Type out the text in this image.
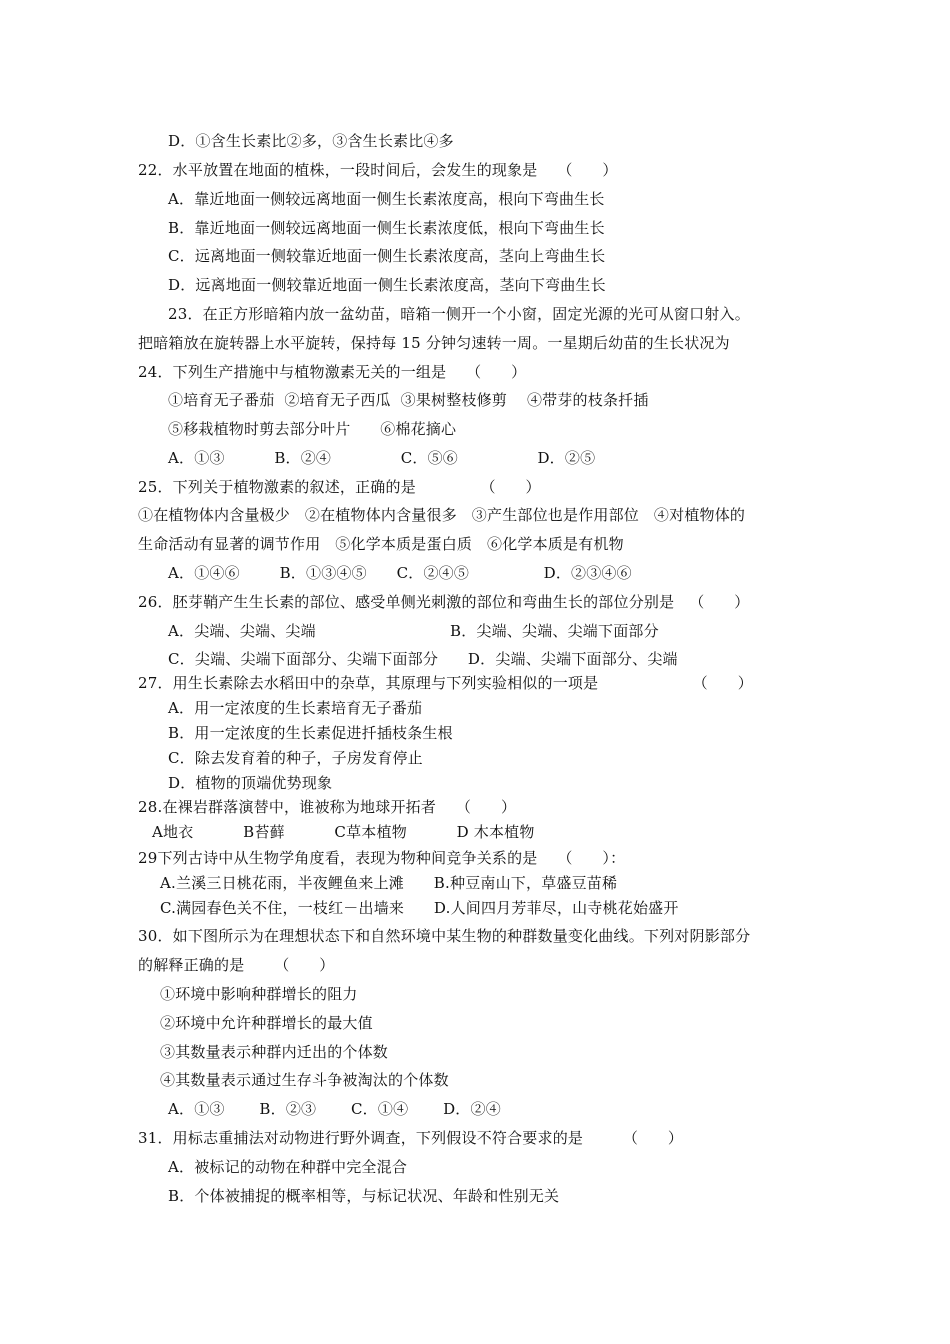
D．①含生长素比②多，③含生长素比④多
22．水平放置在地面的植株，一段时间后，会发生的现象是    （      ）
A．靠近地面一侧较远离地面一侧生长素浓度高，根向下弯曲生长
B．靠近地面一侧较远离地面一侧生长素浓度低，根向下弯曲生长
C．远离地面一侧较靠近地面一侧生长素浓度高，茎向上弯曲生长
D．远离地面一侧较靠近地面一侧生长素浓度高，茎向下弯曲生长
23．在正方形暗箱内放一盆幼苗，暗箱一侧开一个小窗，固定光源的光可从窗口射入。
把暗箱放在旋转器上水平旋转，保持每 15 分钟匀速转一周。一星期后幼苗的生长状况为
24．下列生产措施中与植物激素无关的一组是    （      ）
①培育无子番茄  ②培育无子西瓜  ③果树整枝修剪    ④带芽的枝条扦插
⑤移栽植物时剪去部分叶片      ⑥棉花摘心
A．①③          B．②④              C．⑤⑥                D．②⑤
25．下列关于植物激素的叙述，正确的是             （      ）
①在植物体内含量极少   ②在植物体内含量很多   ③产生部位也是作用部位   ④对植物体的
生命活动有显著的调节作用   ⑤化学本质是蛋白质   ⑥化学本质是有机物
A．①④⑥        B．①③④⑤      C．②④⑤               D．②③④⑥
26．胚芽鞘产生生长素的部位、感受单侧光刺激的部位和弯曲生长的部位分别是   （      ）
A．尖端、尖端、尖端                           B．尖端、尖端、尖端下面部分
C．尖端、尖端下面部分、尖端下面部分      D．尖端、尖端下面部分、尖端
27．用生长素除去水稻田中的杂草，其原理与下列实验相似的一项是                   （      ）
A．用一定浓度的生长素培育无子番茄
B．用一定浓度的生长素促进扦插枝条生根
C．除去发育着的种子，子房发育停止
D．植物的顶端优势现象
28.在裸岩群落演替中，谁被称为地球开拓者    （      ）
A地衣          B苔藓          C草本植物          D 木本植物
29下列古诗中从生物学角度看，表现为物种间竞争关系的是    （      ）：
A.兰溪三日桃花雨，半夜鲤鱼来上滩      B.种豆南山下，草盛豆苗稀
C.满园春色关不住，一枝红－出墙来      D.人间四月芳菲尽，山寺桃花始盛开
30．如下图所示为在理想状态下和自然环境中某生物的种群数量变化曲线。下列对阴影部分
的解释正确的是      （      ）
①环境中影响种群增长的阻力
②环境中允许种群增长的最大值
③其数量表示种群内迁出的个体数
④其数量表示通过生存斗争被淘汰的个体数
A．①③       B．②③       C．①④       D．②④
31．用标志重捕法对动物进行野外调查，下列假设不符合要求的是        （      ）
A．被标记的动物在种群中完全混合
B．个体被捕捉的概率相等，与标记状况、年龄和性别无关
